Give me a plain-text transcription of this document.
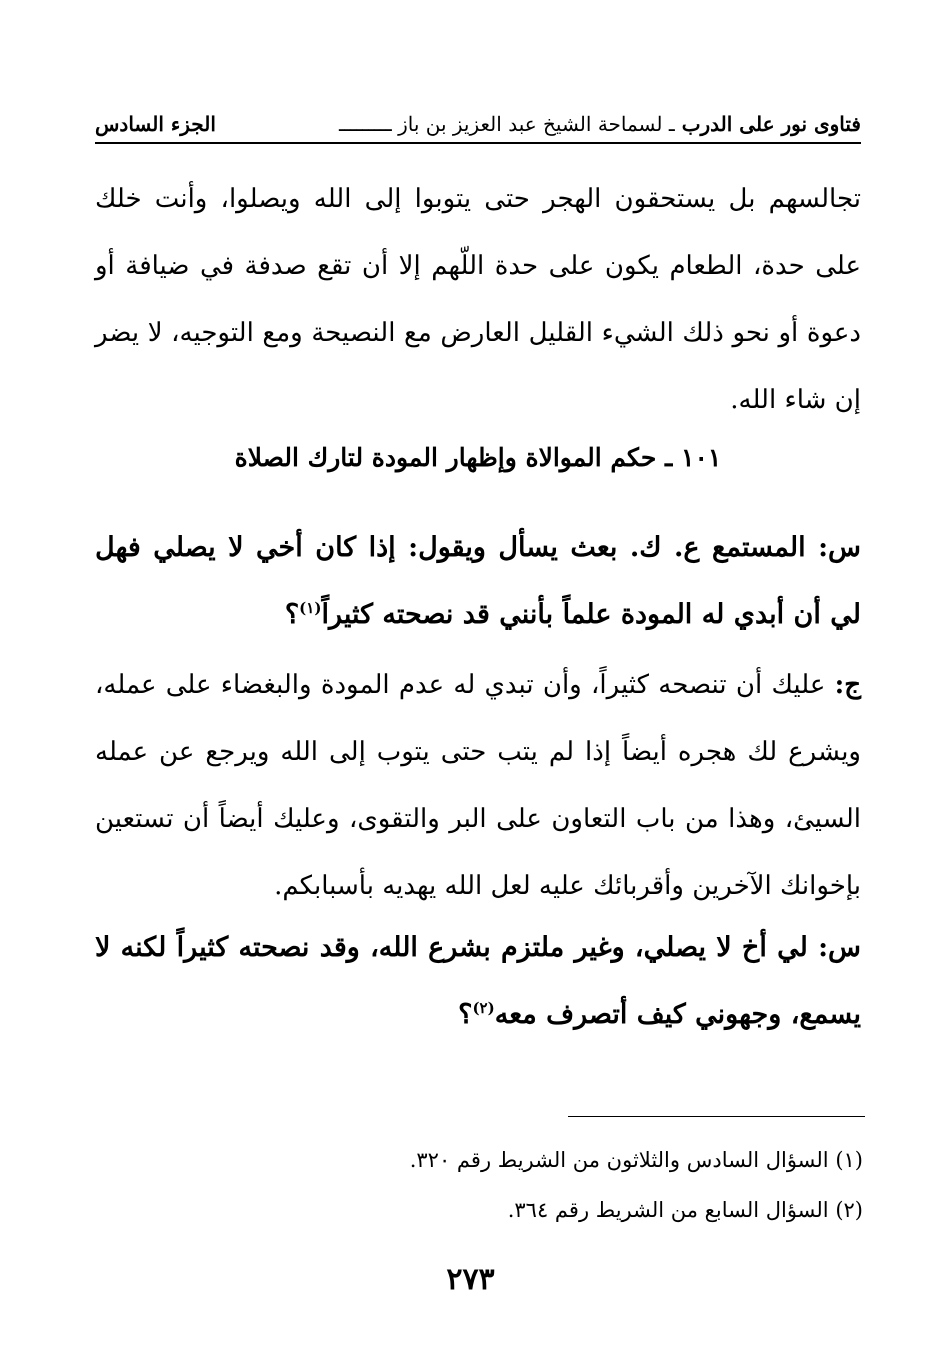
فتاوى نور على الدرب ـ لسماحة الشيخ عبد العزيز بن باز ـــــــــ
الجزء السادس
تجالسهم بل يستحقون الهجر حتى يتوبوا إلى الله ويصلوا، وأنت خلك على حدة، الطعام يكون على حدة اللّهم إلا أن تقع صدفة في ضيافة أو دعوة أو نحو ذلك الشيء القليل العارض مع النصيحة ومع التوجيه، لا يضر إن شاء الله.
١٠١ ـ حكم الموالاة وإظهار المودة لتارك الصلاة
س: المستمع ع. ك. بعث يسأل ويقول: إذا كان أخي لا يصلي فهل لي أن أبدي له المودة علماً بأنني قد نصحته كثيراً$^{(١)}$؟
ج: عليك أن تنصحه كثيراً، وأن تبدي له عدم المودة والبغضاء على عمله، ويشرع لك هجره أيضاً إذا لم يتب حتى يتوب إلى الله ويرجع عن عمله السيئ، وهذا من باب التعاون على البر والتقوى، وعليك أيضاً أن تستعين بإخوانك الآخرين وأقربائك عليه لعل الله يهديه بأسبابكم.
س: لي أخ لا يصلي، وغير ملتزم بشرع الله، وقد نصحته كثيراً لكنه لا يسمع، وجهوني كيف أتصرف معه$^{(٢)}$؟
(١) السؤال السادس والثلاثون من الشريط رقم ٣٢٠.
(٢) السؤال السابع من الشريط رقم ٣٦٤.
٢٧٣
